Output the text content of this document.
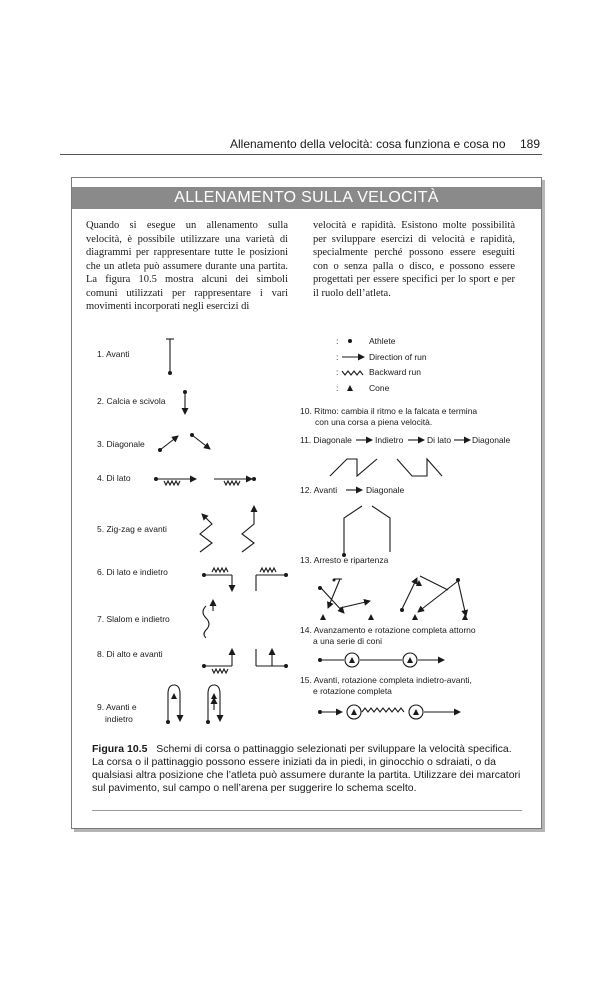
Allenamento della velocità: cosa funziona e cosa no 189
ALLENAMENTO SULLA VELOCITÀ
Quando si esegue un allenamento sulla velocità, è possibile utilizzare una varietà di diagrammi per rappresentare tutte le posizioni che un atleta può assumere durante una partita. La figura 10.5 mostra alcuni dei simboli comuni utilizzati per rappresentare i vari movimenti incorporati negli esercizi di
velocità e rapidità. Esistono molte possibilità per sviluppare esercizi di velocità e rapidità, specialmente perché possono essere eseguiti con o senza palla o disco, e possono essere progettati per essere specifici per lo sport e per il ruolo dell’atleta.
:	Athlete
:	Direction of run
:	Backward run
:	Cone
1. Avanti
2. Calcia e scivola
3. Diagonale
4. Di lato
5. Zig-zag e avanti
6. Di lato e indietro
7. Slalom e indietro
8. Di alto e avanti
9. Avanti e
indietro
10. Ritmo: cambia il ritmo e la falcata e termina
con una corsa a piena velocità.
11. Diagonale	Indietro	Di lato Diagonale
12. Avanti	Diagonale
13. Arresto e ripartenza
14. Avanzamento e rotazione completa attorno
a una serie di coni
15. Avanti, rotazione completa indietro-avanti,
e rotazione completa
Figura 10.5 Schemi di corsa o pattinaggio selezionati per sviluppare la velocità specifica. La corsa o il pattinaggio possono essere iniziati da in piedi, in ginocchio o sdraiati, o da qualsiasi altra posizione che l’atleta può assumere durante la partita. Utilizzare dei marcatori sul pavimento, sul campo o nell’arena per suggerire lo schema scelto.
